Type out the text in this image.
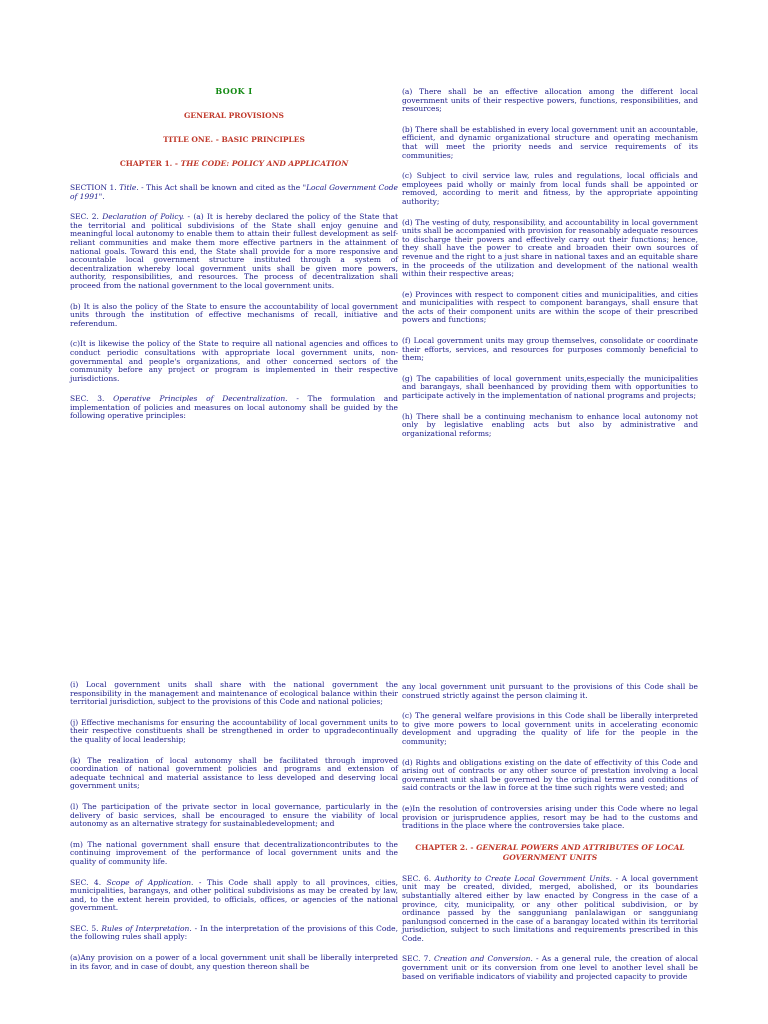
BOOK I

GENERAL PROVISIONS

TITLE ONE. - BASIC PRINCIPLES

CHAPTER 1. - THE CODE: POLICY AND APPLICATION

SECTION 1. Title. - This Act shall be known and cited as the "Local Government Code of 1991".

SEC. 2. Declaration of Policy. - (a) It is hereby declared the policy of the State that the territorial and political subdivisions of the State shall enjoy genuine and meaningful local autonomy to enable them to attain their fullest development as self-reliant communities and make them more effective partners in the attainment of national goals. Toward this end, the State shall provide for a more responsive and accountable local government structure instituted through a system of decentralization whereby local government units shall be given more powers, authority, responsibilities, and resources. The process of decentralization shall proceed from the national government to the local government units.

(b) It is also the policy of the State to ensure the accountability of local government units through the institution of effective mechanisms of recall, initiative and referendum.

(c)It is likewise the policy of the State to require all national agencies and offices to conduct periodic consultations with appropriate local government units, non-governmental and people's organizations, and other concerned sectors of the community before any project or program is implemented in their respective jurisdictions.

SEC. 3. Operative Principles of Decentralization. - The formulation and implementation of policies and measures on local autonomy shall be guided by the following operative principles:

(a) There shall be an effective allocation among the different local government units of their respective powers, functions, responsibilities, and resources;

(b) There shall be established in every local government unit an accountable, efficient, and dynamic organizational structure and operating mechanism that will meet the priority needs and service requirements of its communities;

(c) Subject to civil service law, rules and regulations, local officials and employees paid wholly or mainly from local funds shall be appointed or removed, according to merit and fitness, by the appropriate appointing authority;

(d) The vesting of duty, responsibility, and accountability in local government units shall be accompanied with provision for reasonably adequate resources to discharge their powers and effectively carry out their functions; hence, they shall have the power to create and broaden their own sources of revenue and the right to a just share in national taxes and an equitable share in the proceeds of the utilization and development of the national wealth within their respective areas;

(e) Provinces with respect to component cities and municipalities, and cities and municipalities with respect to component barangays, shall ensure that the acts of their component units are within the scope of their prescribed powers and functions;

(f) Local government units may group themselves, consolidate or coordinate their efforts, services, and resources for purposes commonly beneficial to them;

(g) The capabilities of local government units,especially the municipalities and barangays, shall beenhanced by providing them with opportunities to participate actively in the implementation of national programs and projects;

(h) There shall be a continuing mechanism to enhance local autonomy not only by legislative enabling acts but also by administrative and organizational reforms;

(i) Local government units shall share with the national government the responsibility in the management and maintenance of ecological balance within their territorial jurisdiction, subject to the provisions of this Code and national policies;

(j) Effective mechanisms for ensuring the accountability of local government units to their respective constituents shall be strengthened in order to upgradecontinually the quality of local leadership;

(k) The realization of local autonomy shall be facilitated through improved coordination of national government policies and programs and extension of adequate technical and material assistance to less developed and deserving local government units;

(l) The participation of the private sector in local governance, particularly in the delivery of basic services, shall be encouraged to ensure the viability of local autonomy as an alternative strategy for sustainabledevelopment; and

(m) The national government shall ensure that decentralizationcontributes to the continuing improvement of the performance of local government units and the quality of community life.

SEC. 4. Scope of Application. - This Code shall apply to all provinces, cities, municipalities, barangays, and other political subdivisions as may be created by law, and, to the extent herein provided, to officials, offices, or agencies of the national government.

SEC. 5. Rules of Interpretation. - In the interpretation of the provisions of this Code, the following rules shall apply:

(a)Any provision on a power of a local government unit shall be liberally interpreted in its favor, and in case of doubt, any question thereon shall be

any local government unit pursuant to the provisions of this Code shall be construed strictly against the person claiming it.

(c) The general welfare provisions in this Code shall be liberally interpreted to give more powers to local government units in accelerating economic development and upgrading the quality of life for the people in the community;

(d) Rights and obligations existing on the date of effectivity of this Code and arising out of contracts or any other source of prestation involving a local government unit shall be governed by the original terms and conditions of said contracts or the law in force at the time such rights were vested; and

(e)In the resolution of controversies arising under this Code where no legal provision or jurisprudence applies, resort may be had to the customs and traditions in the place where the controversies take place.

CHAPTER 2. - GENERAL POWERS AND ATTRIBUTES OF LOCAL GOVERNMENT UNITS

SEC. 6. Authority to Create Local Government Units. - A local government unit may be created, divided, merged, abolished, or its boundaries substantially altered either by law enacted by Congress in the case of a province, city, municipality, or any other political subdivision, or by ordinance passed by the sangguniang panlalawigan or sangguniang panlungsod concerned in the case of a barangay located within its territorial jurisdiction, subject to such limitations and requirements prescribed in this Code.

SEC. 7. Creation and Conversion. - As a general rule, the creation of alocal government unit or its conversion from one level to another level shall be based on verifiable indicators of viability and projected capacity to provide
